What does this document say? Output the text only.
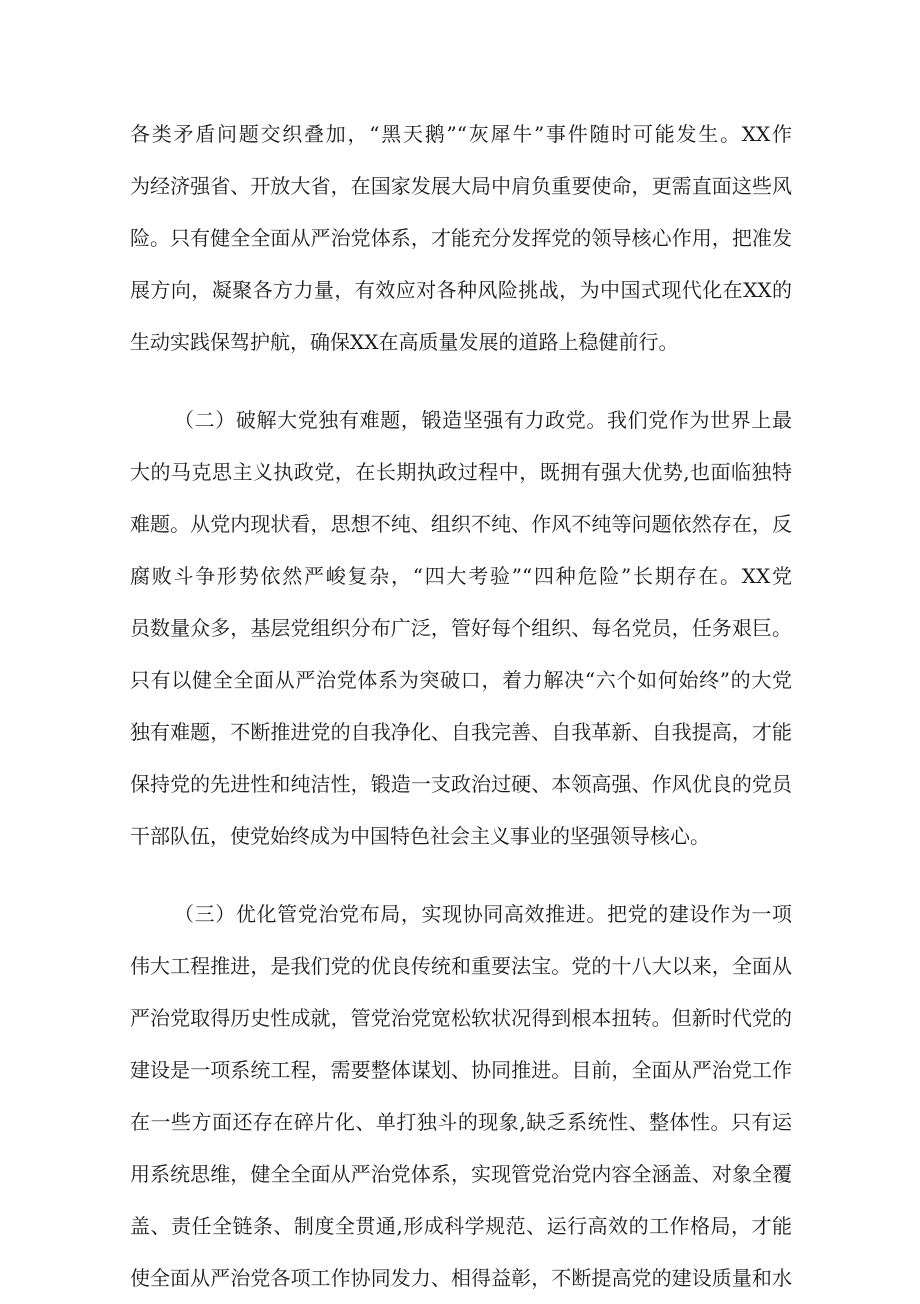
各类矛盾问题交织叠加，“黑天鹅”“灰犀牛”事件随时可能发生。XX作
为经济强省、开放大省，在国家发展大局中肩负重要使命，更需直面这些风
险。只有健全全面从严治党体系，才能充分发挥党的领导核心作用，把准发
展方向，凝聚各方力量，有效应对各种风险挑战，为中国式现代化在XX的
生动实践保驾护航，确保XX在高质量发展的道路上稳健前行。
（二）破解大党独有难题，锻造坚强有力政党。我们党作为世界上最
大的马克思主义执政党，在长期执政过程中，既拥有强大优势,也面临独特
难题。从党内现状看，思想不纯、组织不纯、作风不纯等问题依然存在，反
腐败斗争形势依然严峻复杂，“四大考验”“四种危险”长期存在。XX党
员数量众多，基层党组织分布广泛，管好每个组织、每名党员，任务艰巨。
只有以健全全面从严治党体系为突破口，着力解决“六个如何始终”的大党
独有难题，不断推进党的自我净化、自我完善、自我革新、自我提高，才能
保持党的先进性和纯洁性，锻造一支政治过硬、本领高强、作风优良的党员
干部队伍，使党始终成为中国特色社会主义事业的坚强领导核心。
（三）优化管党治党布局，实现协同高效推进。把党的建设作为一项
伟大工程推进，是我们党的优良传统和重要法宝。党的十八大以来，全面从
严治党取得历史性成就，管党治党宽松软状况得到根本扭转。但新时代党的
建设是一项系统工程，需要整体谋划、协同推进。目前，全面从严治党工作
在一些方面还存在碎片化、单打独斗的现象,缺乏系统性、整体性。只有运
用系统思维，健全全面从严治党体系，实现管党治党内容全涵盖、对象全覆
盖、责任全链条、制度全贯通,形成科学规范、运行高效的工作格局，才能
使全面从严治党各项工作协同发力、相得益彰，不断提高党的建设质量和水
